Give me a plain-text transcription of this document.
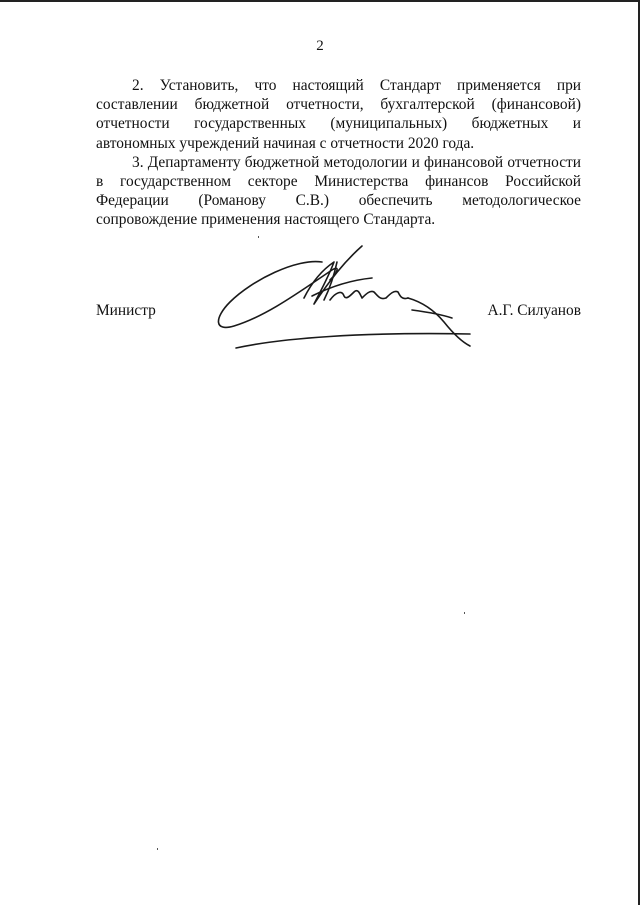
2

2. Установить, что настоящий Стандарт применяется при составлении бюджетной отчетности, бухгалтерской (финансовой) отчетности государственных (муниципальных) бюджетных и автономных учреждений начиная с отчетности 2020 года.

3. Департаменту бюджетной методологии и финансовой отчетности в государственном секторе Министерства финансов Российской Федерации (Романову С.В.) обеспечить методологическое сопровождение применения настоящего Стандарта.

Министр	А.Г. Силуанов
